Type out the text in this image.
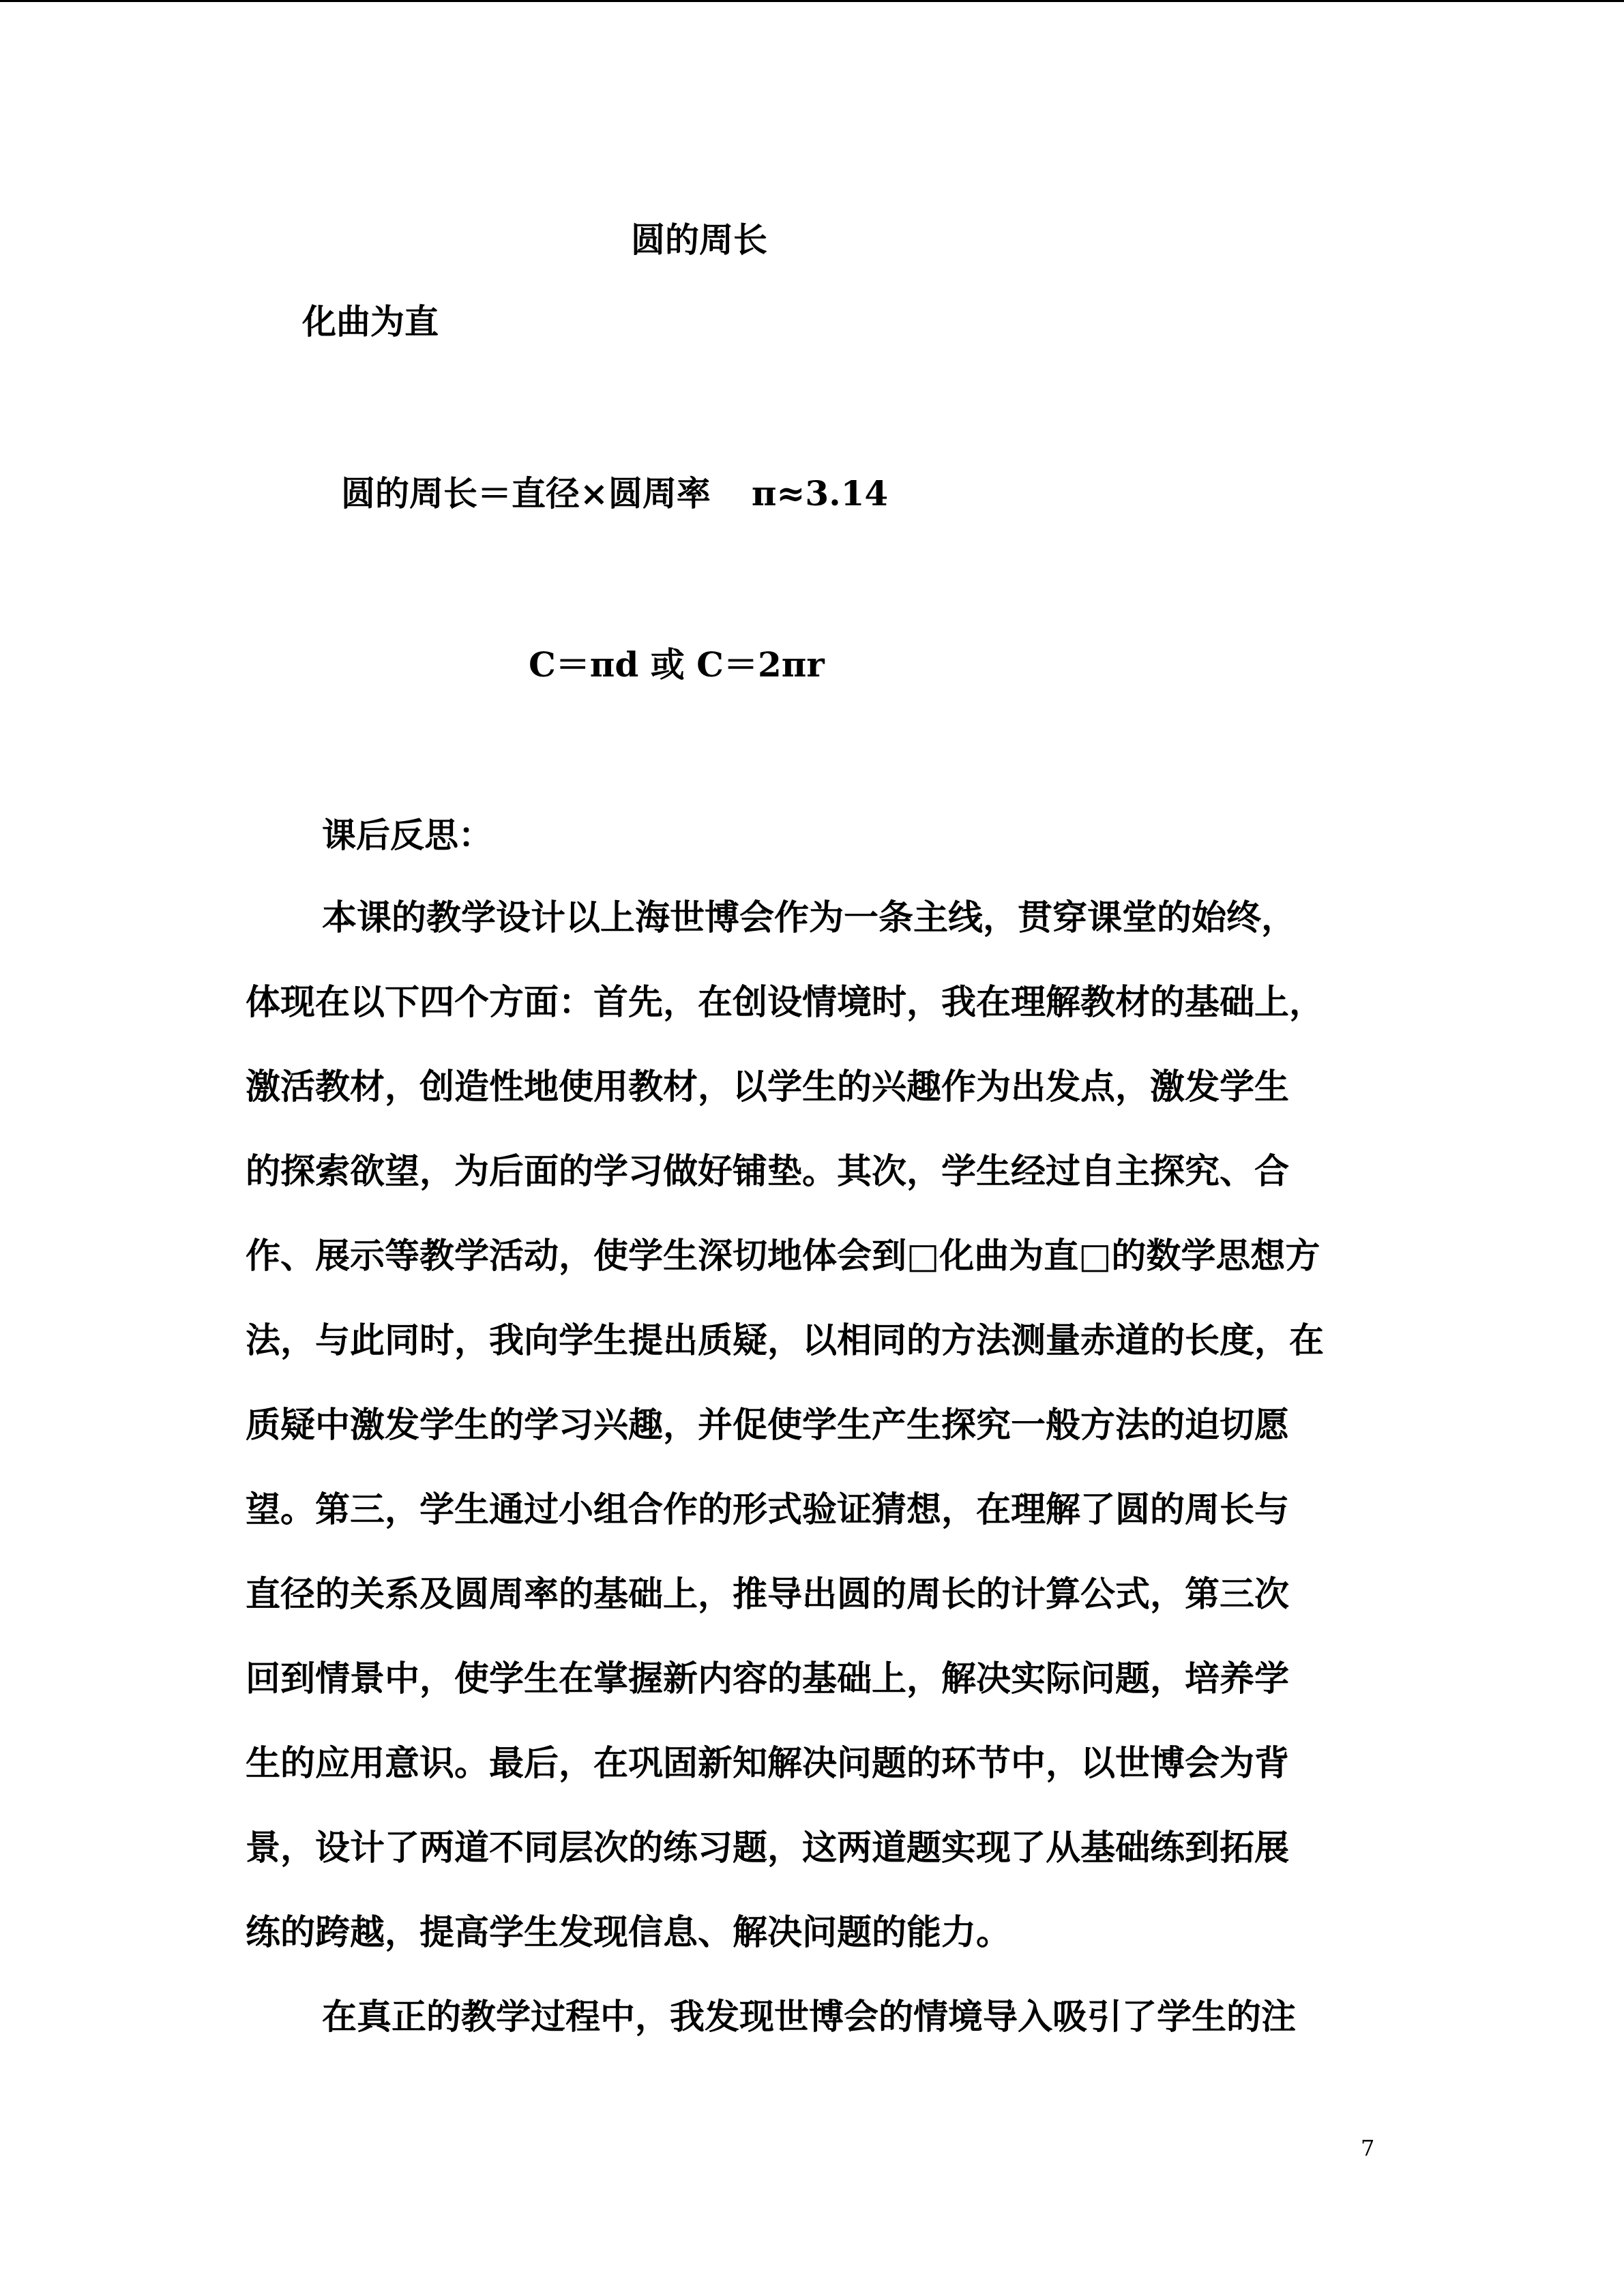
圆的周长
化曲为直
圆的周长＝直径×圆周率 π≈3.14
C＝πd 或 C＝2πr
课后反思：
本课的教学设计以上海世博会作为一条主线，贯穿课堂的始终，
体现在以下四个方面：首先，在创设情境时，我在理解教材的基础上，
激活教材，创造性地使用教材，以学生的兴趣作为出发点，激发学生
的探索欲望，为后面的学习做好铺垫。其次，学生经过自主探究、合
作、展示等教学活动，使学生深切地体会到□化曲为直□的数学思想方
法，与此同时，我向学生提出质疑，以相同的方法测量赤道的长度，在
质疑中激发学生的学习兴趣，并促使学生产生探究一般方法的迫切愿
望。第三，学生通过小组合作的形式验证猜想，在理解了圆的周长与
直径的关系及圆周率的基础上，推导出圆的周长的计算公式，第三次
回到情景中，使学生在掌握新内容的基础上，解决实际问题，培养学
生的应用意识。最后，在巩固新知解决问题的环节中，以世博会为背
景，设计了两道不同层次的练习题，这两道题实现了从基础练到拓展
练的跨越，提高学生发现信息、解决问题的能力。
在真正的教学过程中，我发现世博会的情境导入吸引了学生的注
7
